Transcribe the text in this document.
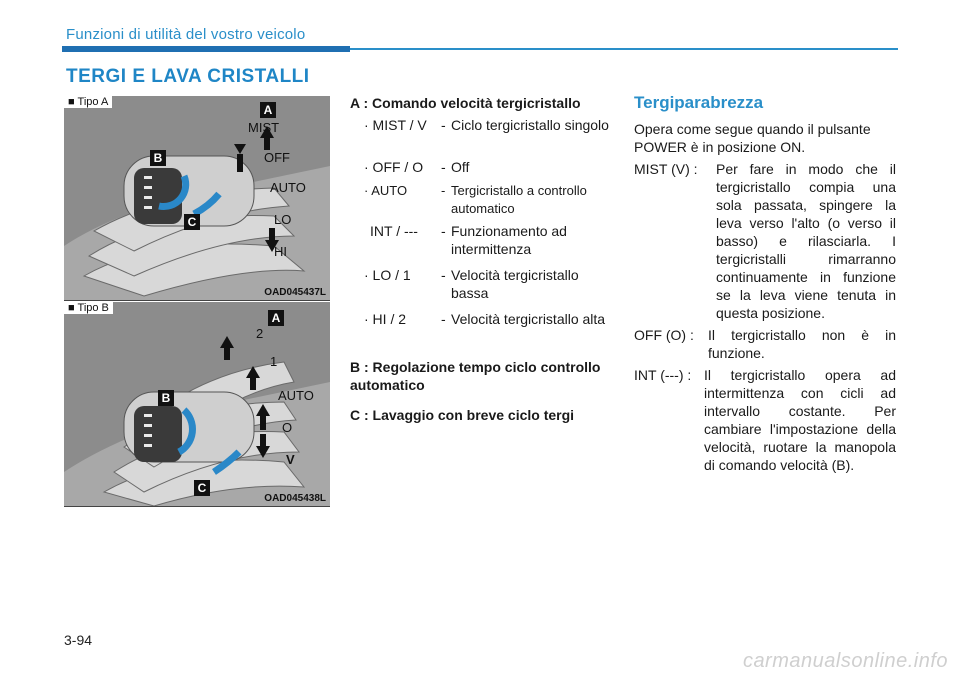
Funzioni di utilità del vostro veicolo
TERGI E LAVA CRISTALLI
■ Tipo A
A
B
C
MIST
OFF
AUTO
LO
HI
OAD045437L
■ Tipo B
A
B
C
2
1
AUTO
O
V
OAD045438L
A : Comando velocità tergicristallo
· MIST / V - Ciclo tergicristallo singolo
· OFF / O - Off
· AUTO	- Tergicristallo a controllo automatico
INT / --- - Funzionamento ad intermittenza
· LO / 1 - Velocità tergicristallo bassa
· HI / 2 - Velocità tergicristallo alta
B : Regolazione tempo ciclo controllo automatico
C : Lavaggio con breve ciclo tergi
Tergiparabrezza
Opera come segue quando il pulsante POWER è in posizione ON.
MIST (V) :	Per fare in modo che il tergicristallo compia una sola passata, spingere la leva verso l'alto (o verso il basso) e rilasciarla. I tergicristalli rimarranno continuamente in funzione se la leva viene tenuta in questa posizione.
OFF (O) :	Il tergicristallo non è in funzione.
INT (---) : Il tergicristallo opera ad intermittenza con cicli ad intervallo costante. Per cambiare l'impostazione della velocità, ruotare la manopola di comando velocità (B).
3-94
carmanualsonline.info
